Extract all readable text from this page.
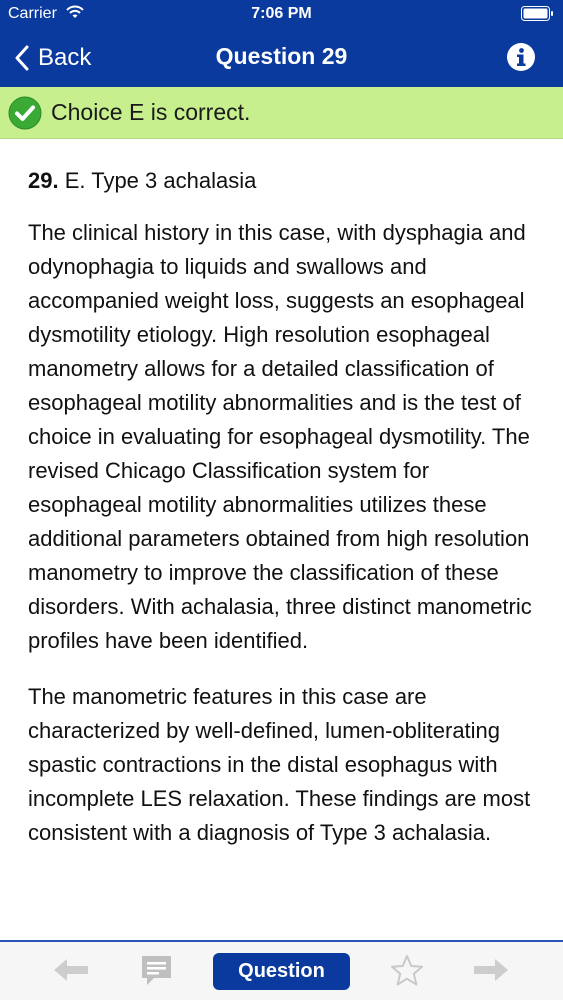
Carrier	7:06 PM
Back	Question 29
Choice E is correct.
29. E. Type 3 achalasia

The clinical history in this case, with dysphagia and odynophagia to liquids and swallows and accompanied weight loss, suggests an esophageal dysmotility etiology. High resolution esophageal manometry allows for a detailed classification of esophageal motility abnormalities and is the test of choice in evaluating for esophageal dysmotility. The revised Chicago Classification system for esophageal motility abnormalities utilizes these additional parameters obtained from high resolution manometry to improve the classification of these disorders. With achalasia, three distinct manometric profiles have been identified.

The manometric features in this case are characterized by well-defined, lumen-obliterating spastic contractions in the distal esophagus with incomplete LES relaxation. These findings are most consistent with a diagnosis of Type 3 achalasia.

Question
